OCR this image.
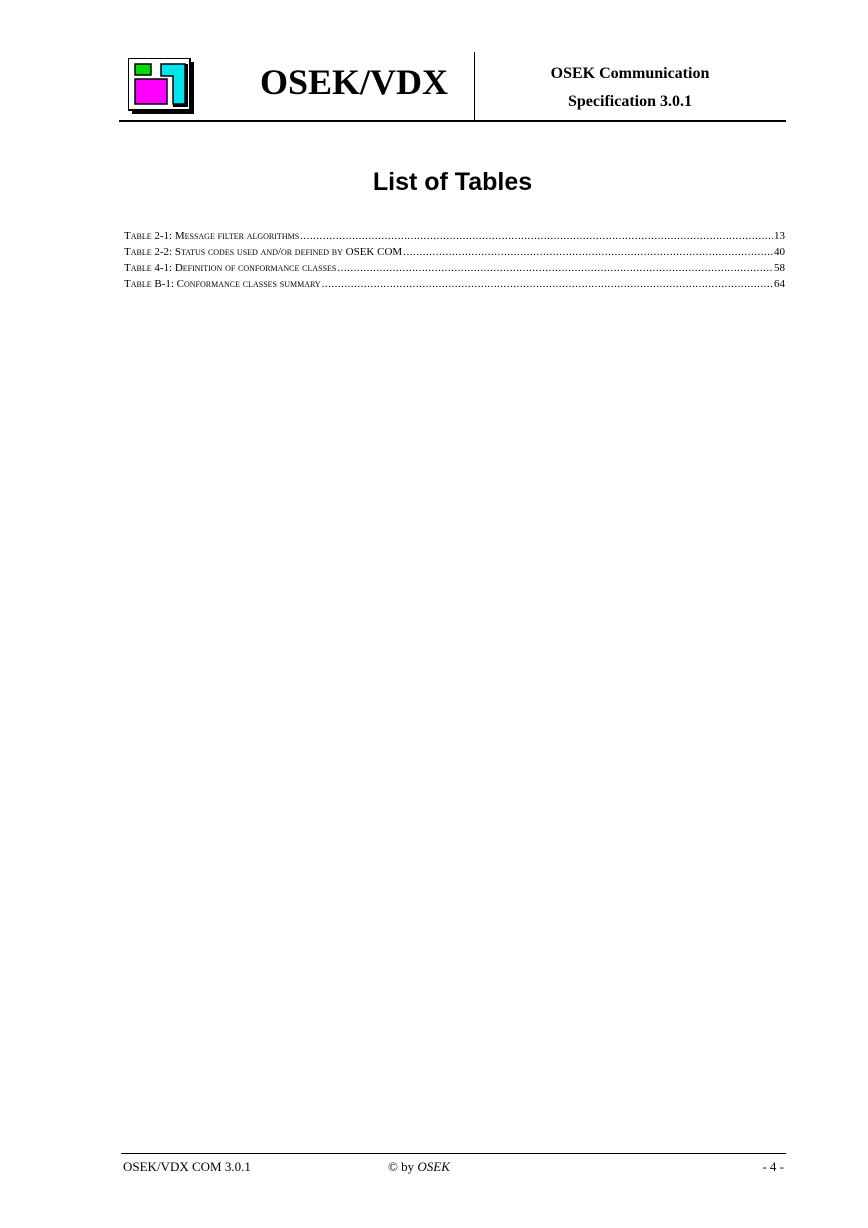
OSEK/VDX	OSEK Communication
Specification 3.0.1
List of Tables
Table 2-1: Message filter algorithms .....	13
Table 2-2: Status codes used and/or defined by OSEK COM .....	40
Table 4-1: Definition of conformance classes .....	58
Table B-1: Conformance classes summary .....	64
OSEK/VDX COM 3.0.1	© by OSEK	- 4 -
